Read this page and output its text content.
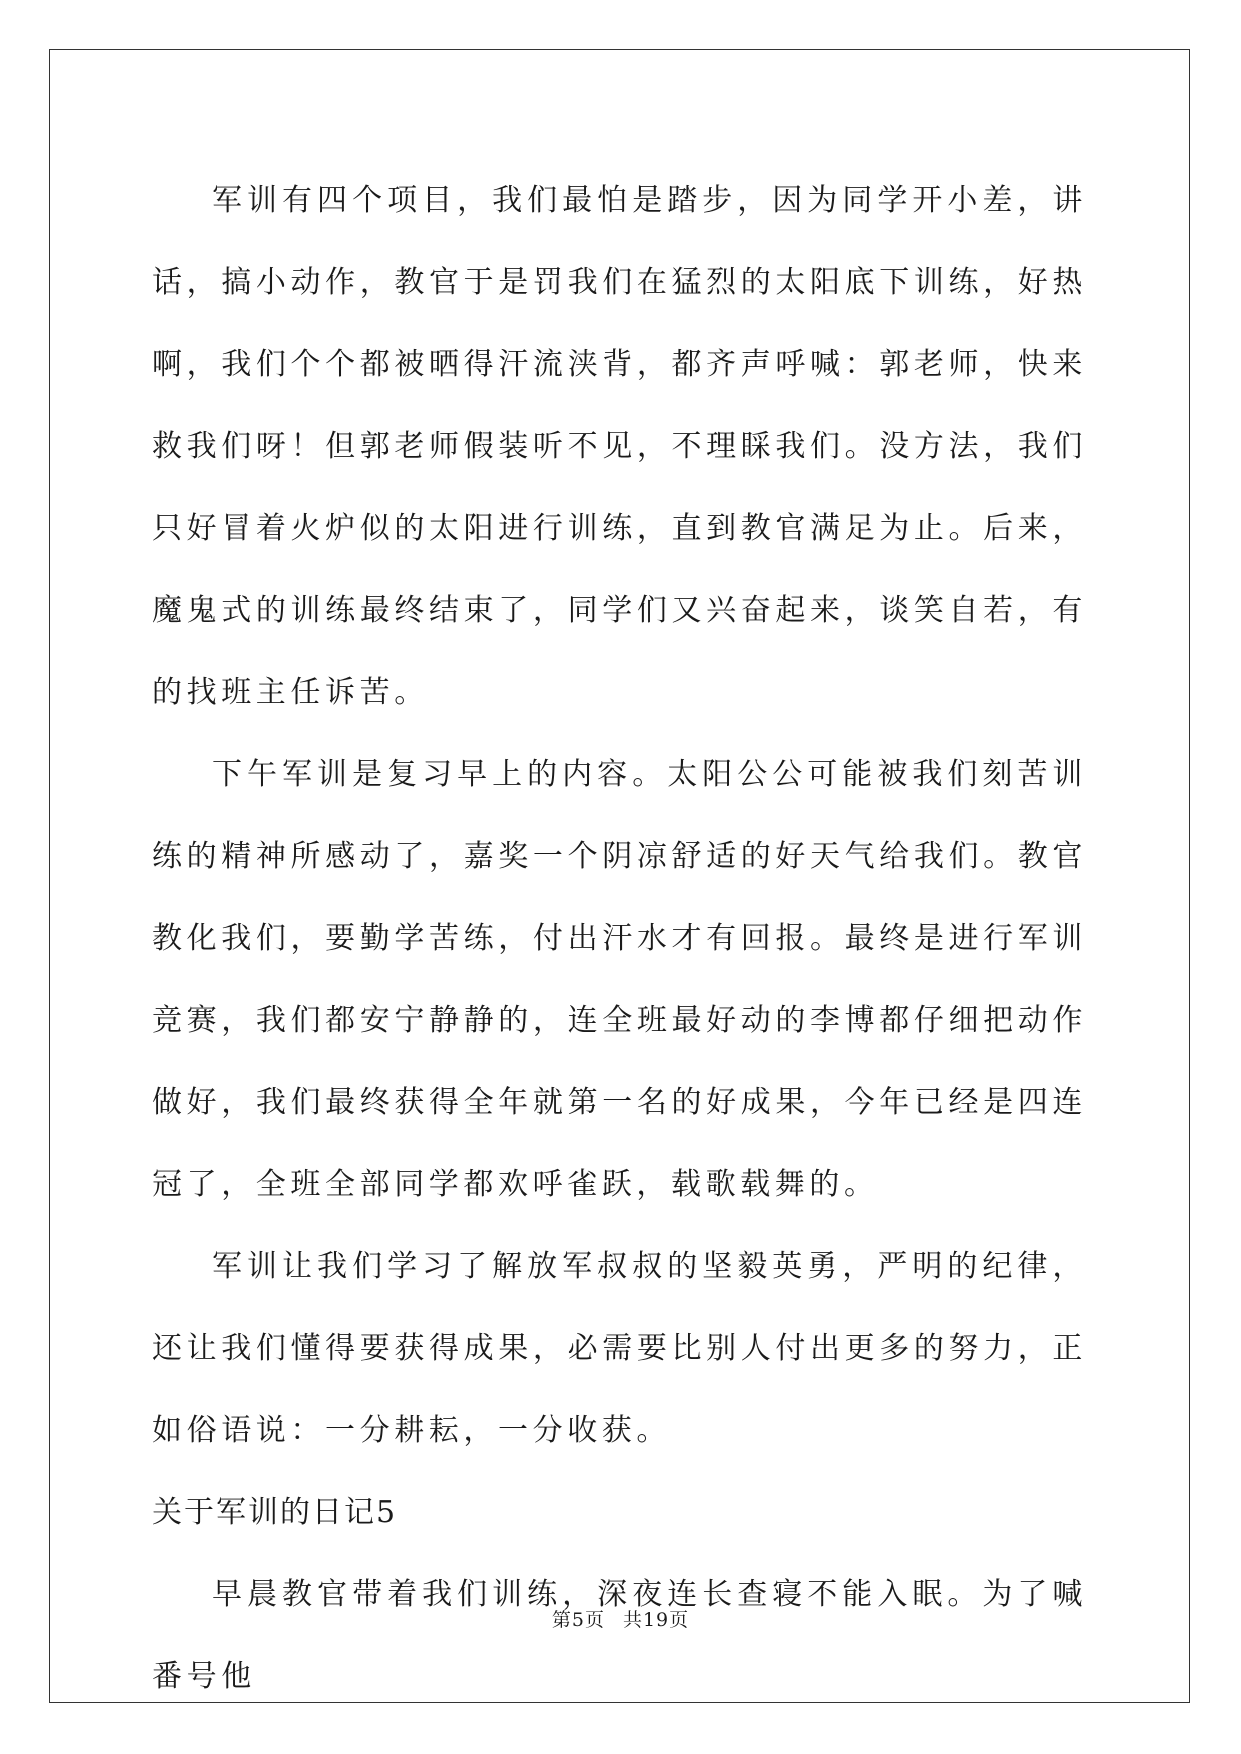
军训有四个项目，我们最怕是踏步，因为同学开小差，讲话，搞小动作，教官于是罚我们在猛烈的太阳底下训练，好热啊，我们个个都被晒得汗流浃背，都齐声呼喊：郭老师，快来救我们呀！但郭老师假装听不见，不理睬我们。没方法，我们只好冒着火炉似的太阳进行训练，直到教官满足为止。后来，魔鬼式的训练最终结束了，同学们又兴奋起来，谈笑自若，有的找班主任诉苦。

下午军训是复习早上的内容。太阳公公可能被我们刻苦训练的精神所感动了，嘉奖一个阴凉舒适的好天气给我们。教官教化我们，要勤学苦练，付出汗水才有回报。最终是进行军训竞赛，我们都安宁静静的，连全班最好动的李博都仔细把动作做好，我们最终获得全年就第一名的好成果，今年已经是四连冠了，全班全部同学都欢呼雀跃，载歌载舞的。

军训让我们学习了解放军叔叔的坚毅英勇，严明的纪律，还让我们懂得要获得成果，必需要比别人付出更多的努力，正如俗语说：一分耕耘，一分收获。

关于军训的日记5

早晨教官带着我们训练，深夜连长查寝不能入眠。为了喊番号他

第5页 共19页
